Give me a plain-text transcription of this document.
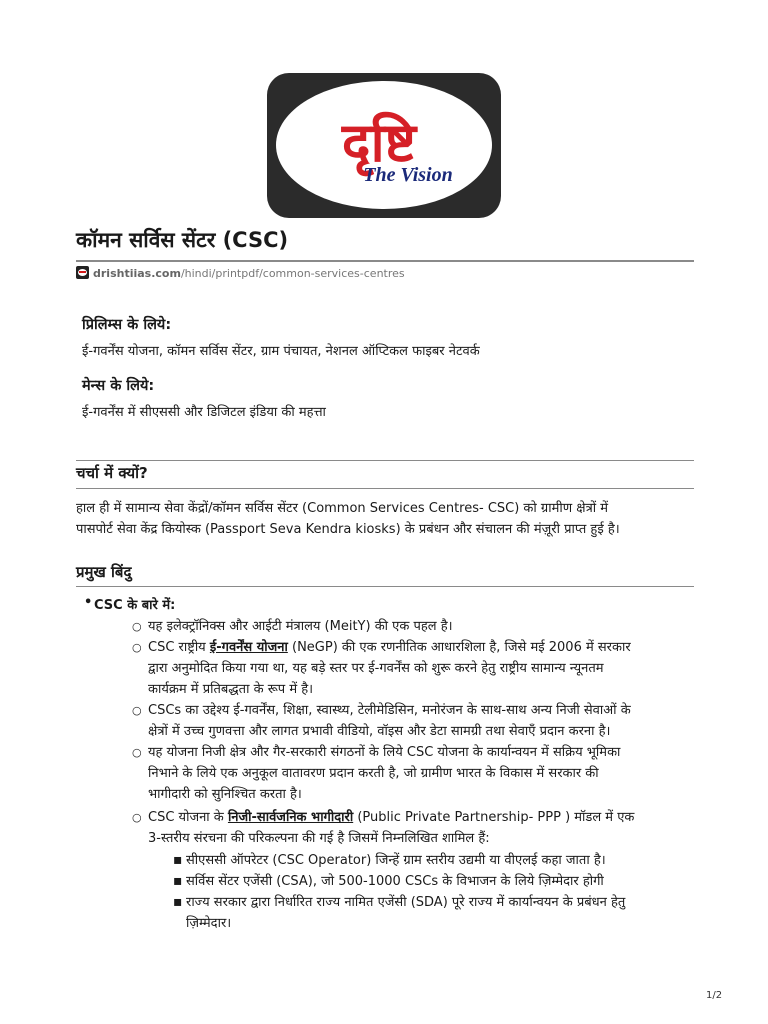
दृष्टि
The Vision
कॉमन सर्विस सेंटर (CSC)
drishtiias.com/hindi/printpdf/common-services-centres
प्रिलिम्स के लिये:

ई-गवर्नेंस योजना, कॉमन सर्विस सेंटर, ग्राम पंचायत, नेशनल ऑप्टिकल फाइबर नेटवर्क

मेन्स के लिये:

ई-गवर्नेंस में सीएससी और डिजिटल इंडिया की महत्ता

चर्चा में क्यों?

हाल ही में सामान्य सेवा केंद्रों/कॉमन सर्विस सेंटर (Common Services Centres- CSC) को ग्रामीण क्षेत्रों में
पासपोर्ट सेवा केंद्र कियोस्क (Passport Seva Kendra kiosks) के प्रबंधन और संचालन की मंज़ूरी प्राप्त हुई है।

प्रमुख बिंदु
• CSC के बारे में:
○ यह इलेक्ट्रॉनिक्स और आईटी मंत्रालय (MeitY) की एक पहल है।
○ CSC राष्ट्रीय ई-गवर्नेंस योजना (NeGP) की एक रणनीतिक आधारशिला है, जिसे मई 2006 में सरकार
द्वारा अनुमोदित किया गया था, यह बड़े स्तर पर ई-गवर्नेंस को शुरू करने हेतु राष्ट्रीय सामान्य न्यूनतम
कार्यक्रम में प्रतिबद्धता के रूप में है।
○ CSCs का उद्देश्य ई-गवर्नेंस, शिक्षा, स्वास्थ्य, टेलीमेडिसिन, मनोरंजन के साथ-साथ अन्य निजी सेवाओं के
क्षेत्रों में उच्च गुणवत्ता और लागत प्रभावी वीडियो, वॉइस और डेटा सामग्री तथा सेवाएँ प्रदान करना है।
○ यह योजना निजी क्षेत्र और गैर-सरकारी संगठनों के लिये CSC योजना के कार्यान्वयन में सक्रिय भूमिका
निभाने के लिये एक अनुकूल वातावरण प्रदान करती है, जो ग्रामीण भारत के विकास में सरकार की
भागीदारी को सुनिश्चित करता है।
○ CSC योजना के निजी-सार्वजनिक भागीदारी (Public Private Partnership- PPP ) मॉडल में एक
3-स्तरीय संरचना की परिकल्पना की गई है जिसमें निम्नलिखित शामिल हैं:
▪ सीएससी ऑपरेटर (CSC Operator) जिन्हें ग्राम स्तरीय उद्यमी या वीएलई कहा जाता है।
▪ सर्विस सेंटर एजेंसी (CSA), जो 500-1000 CSCs के विभाजन के लिये ज़िम्मेदार होगी
▪ राज्य सरकार द्वारा निर्धारित राज्य नामित एजेंसी (SDA) पूरे राज्य में कार्यान्वयन के प्रबंधन हेतु
ज़िम्मेदार।
1/2
